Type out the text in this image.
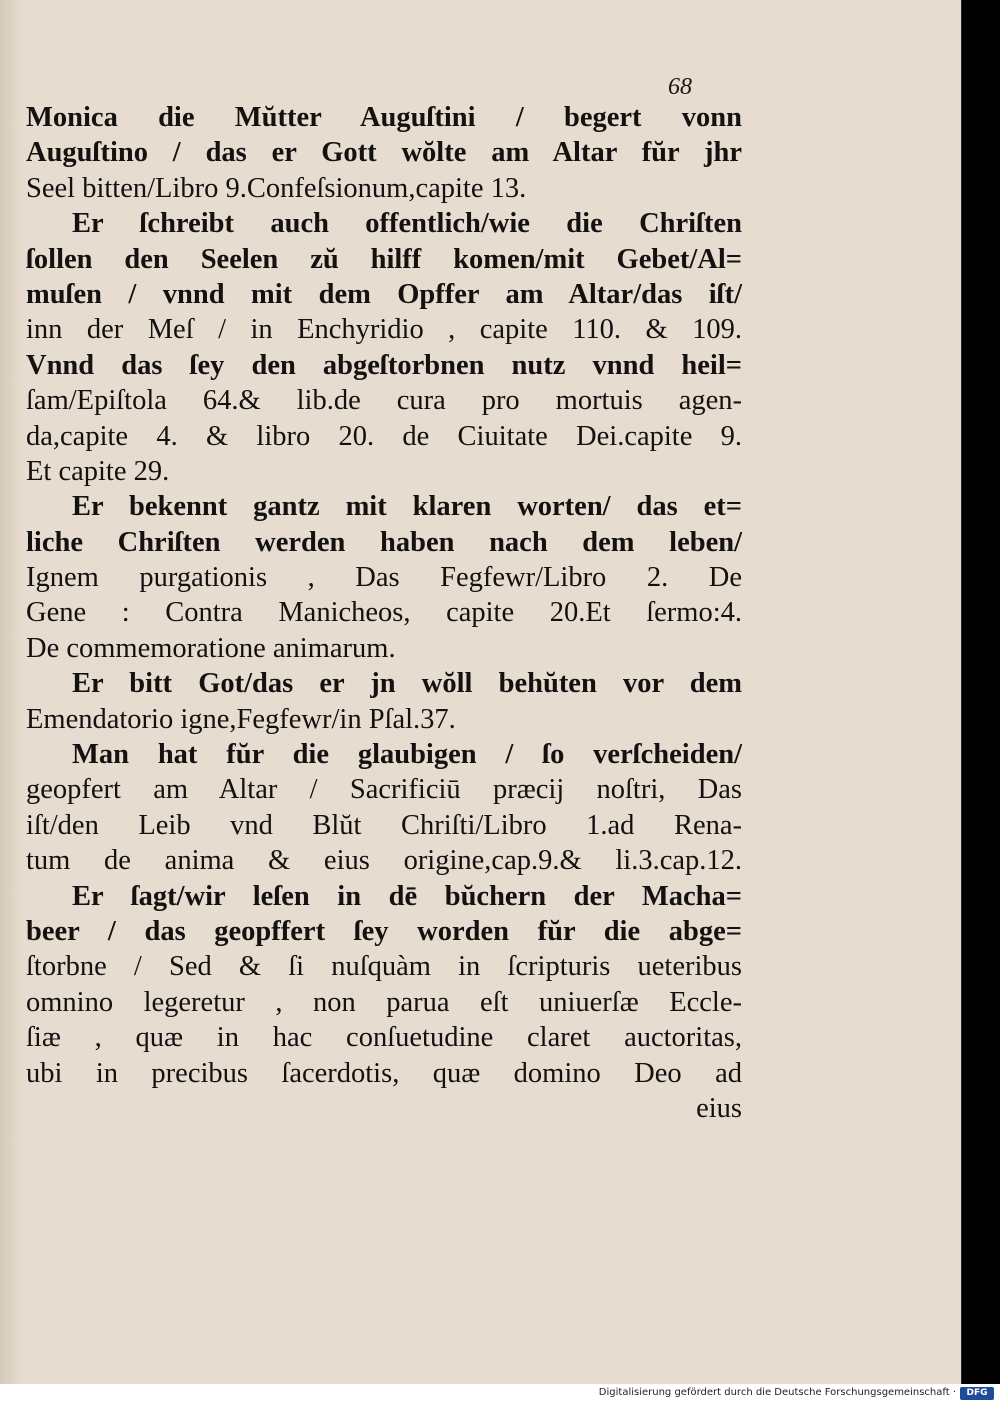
68
Monica die Mŭtter Auguſtini / begert vonn
Auguſtino / das er Gott wŏlte am Altar fŭr jhr
Seel bitten/Libro 9.Confeſsionum,capite 13.
Er ſchreibt auch offentlich/wie die Chriſten
ſollen den Seelen zŭ hilff komen/mit Gebet/Al=
muſen / vnnd mit dem Opffer am Altar/das iſt/
inn der Meſ / in Enchyridio , capite 110. & 109.
Vnnd das ſey den abgeſtorbnen nutz vnnd heil=
ſam/Epiſtola 64.& lib.de cura pro mortuis agen-
da,capite 4. & libro 20. de Ciuitate Dei.capite 9.
Et capite 29.
Er bekennt gantz mit klaren worten/ das et=
liche Chriſten werden haben nach dem leben/
Ignem purgationis , Das Fegfewr/Libro 2. De
Gene : Contra Manicheos, capite 20.Et ſermo:4.
De commemoratione animarum.
Er bitt Got/das er jn wŏll behŭten vor dem
Emendatorio igne,Fegfewr/in Pſal.37.
Man hat fŭr die glaubigen / ſo verſcheiden/
geopfert am Altar / Sacrificiū præcij noſtri, Das
iſt/den Leib vnd Blŭt Chriſti/Libro 1.ad Rena-
tum de anima & eius origine,cap.9.& li.3.cap.12.
Er ſagt/wir leſen in dē bŭchern der Macha=
beer / das geopffert ſey worden fŭr die abge=
ſtorbne / Sed & ſi nuſquàm in ſcripturis ueteribus
omnino legeretur , non parua eſt uniuerſæ Eccle-
ſiæ , quæ in hac conſuetudine claret auctoritas,
ubi in precibus ſacerdotis, quæ domino Deo ad
eius
Digitalisierung gefördert durch die Deutsche Forschungsgemeinschaft ·	DFG
